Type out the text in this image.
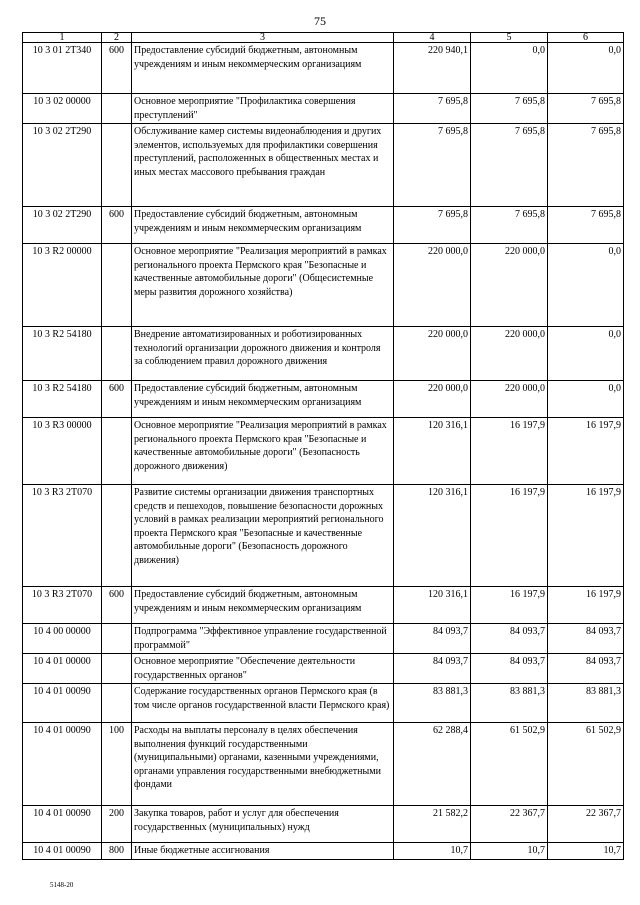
75
1	2	3	4	5	6
10 3 01 2Т340	600	Предоставление субсидий бюджетным, автономным учреждениям и иным некоммерческим организациям	220 940,1	0,0	0,0
10 3 02 00000		Основное мероприятие "Профилактика совершения преступлений"	7 695,8	7 695,8	7 695,8
10 3 02 2Т290		Обслуживание камер системы видеонаблюдения и других элементов, используемых для профилактики совершения преступлений, расположенных в общественных местах и иных местах массового пребывания граждан	7 695,8	7 695,8	7 695,8
10 3 02 2Т290	600	Предоставление субсидий бюджетным, автономным учреждениям и иным некоммерческим организациям	7 695,8	7 695,8	7 695,8
10 3 R2 00000		Основное мероприятие "Реализация мероприятий в рамках регионального проекта Пермского края "Безопасные и качественные автомобильные дороги" (Общесистемные меры развития дорожного хозяйства)	220 000,0	220 000,0	0,0
10 3 R2 54180		Внедрение автоматизированных и роботизированных технологий организации дорожного движения и контроля за соблюдением правил дорожного движения	220 000,0	220 000,0	0,0
10 3 R2 54180	600	Предоставление субсидий бюджетным, автономным учреждениям и иным некоммерческим организациям	220 000,0	220 000,0	0,0
10 3 R3 00000		Основное мероприятие "Реализация мероприятий в рамках регионального проекта Пермского края "Безопасные и качественные автомобильные дороги" (Безопасность дорожного движения)	120 316,1	16 197,9	16 197,9
10 3 R3 2Т070		Развитие системы организации движения транспортных средств и пешеходов, повышение безопасности дорожных условий в рамках реализации мероприятий регионального проекта Пермского края "Безопасные и качественные автомобильные дороги" (Безопасность дорожного движения)	120 316,1	16 197,9	16 197,9
10 3 R3 2Т070	600	Предоставление субсидий бюджетным, автономным учреждениям и иным некоммерческим организациям	120 316,1	16 197,9	16 197,9
10 4 00 00000		Подпрограмма "Эффективное управление государственной программой"	84 093,7	84 093,7	84 093,7
10 4 01 00000		Основное мероприятие "Обеспечение деятельности государственных органов"	84 093,7	84 093,7	84 093,7
10 4 01 00090		Содержание государственных органов Пермского края (в том числе органов государственной власти Пермского края)	83 881,3	83 881,3	83 881,3
10 4 01 00090	100	Расходы на выплаты персоналу в целях обеспечения выполнения функций государственными (муниципальными) органами, казенными учреждениями, органами управления государственными внебюджетными фондами	62 288,4	61 502,9	61 502,9
10 4 01 00090	200	Закупка товаров, работ и услуг для обеспечения государственных (муниципальных) нужд	21 582,2	22 367,7	22 367,7
10 4 01 00090	800	Иные бюджетные ассигнования	10,7	10,7	10,7
5148-20
